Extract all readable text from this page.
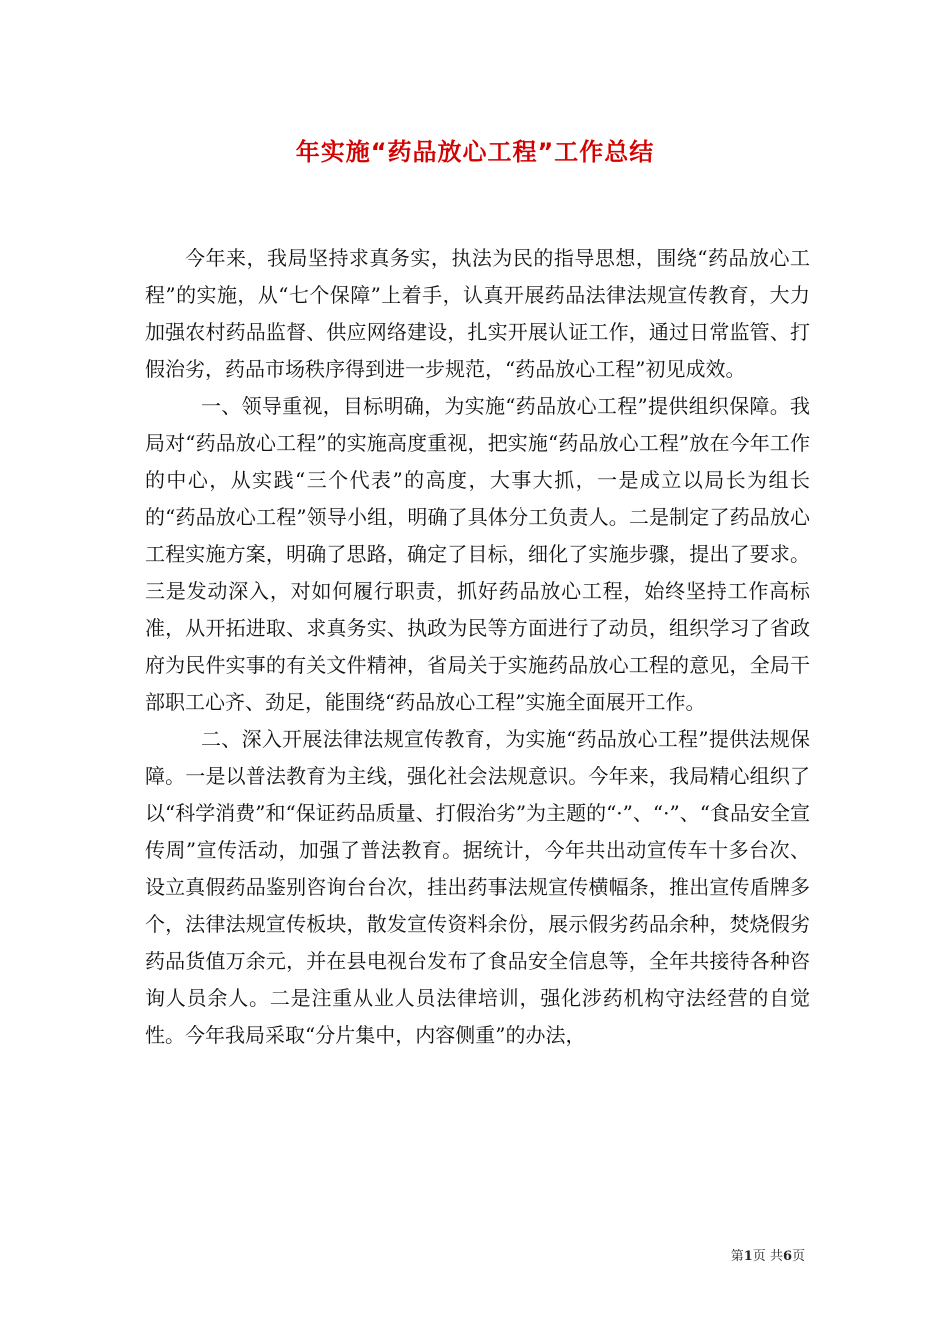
年实施“药品放心工程”工作总结

今年来，我局坚持求真务实，执法为民的指导思想，围绕“药品放心工程”的实施，从“七个保障”上着手，认真开展药品法律法规宣传教育，大力加强农村药品监督、供应网络建设，扎实开展认证工作，通过日常监管、打假治劣，药品市场秩序得到进一步规范，“药品放心工程”初见成效。

一、领导重视，目标明确，为实施“药品放心工程”提供组织保障。我局对“药品放心工程”的实施高度重视，把实施“药品放心工程”放在今年工作的中心，从实践“三个代表”的高度，大事大抓，一是成立以局长为组长的“药品放心工程”领导小组，明确了具体分工负责人。二是制定了药品放心工程实施方案，明确了思路，确定了目标，细化了实施步骤，提出了要求。三是发动深入，对如何履行职责，抓好药品放心工程，始终坚持工作高标准，从开拓进取、求真务实、执政为民等方面进行了动员，组织学习了省政府为民件实事的有关文件精神，省局关于实施药品放心工程的意见，全局干部职工心齐、劲足，能围绕“药品放心工程”实施全面展开工作。

二、深入开展法律法规宣传教育，为实施“药品放心工程”提供法规保障。一是以普法教育为主线，强化社会法规意识。今年来，我局精心组织了以“科学消费”和“保证药品质量、打假治劣”为主题的“·”、“·”、“食品安全宣传周”宣传活动，加强了普法教育。据统计，今年共出动宣传车十多台次、设立真假药品鉴别咨询台台次，挂出药事法规宣传横幅条，推出宣传盾牌多个，法律法规宣传板块，散发宣传资料余份，展示假劣药品余种，焚烧假劣药品货值万余元，并在县电视台发布了食品安全信息等，全年共接待各种咨询人员余人。二是注重从业人员法律培训，强化涉药机构守法经营的自觉性。今年我局采取“分片集中，内容侧重”的办法，

第1页 共6页
